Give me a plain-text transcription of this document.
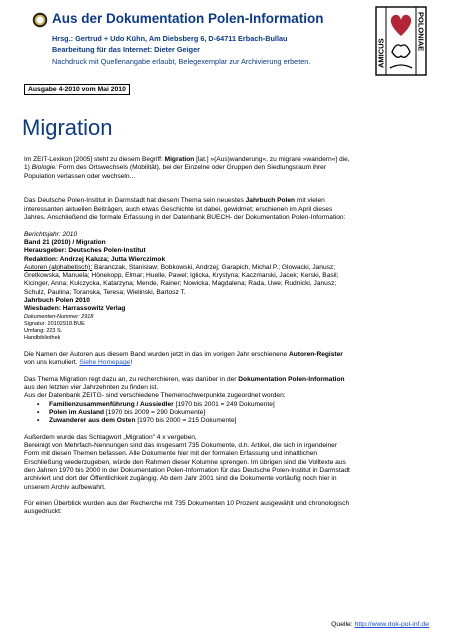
Aus der Dokumentation Polen-Information
Hrsg.: Gertrud + Udo Kühn, Am Diebsberg 6, D-64711 Erbach-Bullau
Bearbeitung für das Internet: Dieter Geiger
Nachdruck mit Quellenangabe erlaubt, Belegexemplar zur Archivierung erbeten.	AMICUS
POLONIAE
Ausgabe 4-2010 vom Mai 2010
Migration

Im ZEIT-Lexikon [2005] steht zu diesem Begriff: Migration [lat.] »(Aus)wanderung«, zu migrare »wandern«] die,
1) Biologie: Form des Ortswechsels (Mobilität), bei der Einzelne oder Gruppen den Siedlungsraum ihrer
Population verlassen oder wechseln...

Das Deutsche Polen-Institut in Darmstadt hat diesem Thema sein neuestes Jahrbuch Polen mit vielen
interessanten aktuellen Beiträgen, auch etwas Geschichte ist dabei, gewidmet; erschienen im April dieses
Jahres. Anschließend die formale Erfassung in der Datenbank BUECH- der Dokumentation Polen-Information:

Berichtsjahr: 2010

Band 21 (2010) / Migration

Herausgeber: Deutsches Polen-Institut

Redaktion: Andrzej Kaluza; Jutta Wierczimok

Autoren (alphabetisch): Baranczak, Stanislaw; Bobkowski, Andrzej; Garapich, Michal P.; Glowacki, Janusz;
Gretkowska, Manuela; Hönekopp, Elmar; Huelle, Pawel; Iglicka, Krystyna; Kaczmarski, Jacek; Kerski, Basil;
Kicinger, Anna; Kulczycka, Katarzyna; Mende, Rainer; Nowicka, Magdalena; Rada, Uwe; Rudnicki, Janusz;
Schulz, Paulina; Toranska, Teresa; Wielinski, Bartosz T.

Jahrbuch Polen 2010

Wiesbaden: Harrassowitz Verlag

Dokumenten-Nummer: 2918

Signatur: 20102918.BUE

Umfang: 223 S.

Handbibliothek

Die Namen der Autoren aus diesem Band wurden jetzt in das im vorigen Jahr erschienene Autoren-Register
von uns kumuliert. Siehe Homepage!

Das Thema Migration regt dazu an, zu recherchieren, was darüber in der Dokumentation Polen-Information
aus den letzten vier Jahrzehnten zu finden ist.
Aus der Datenbank ZEITG- sind verschiedene Themenschwerpunkte zugeordnet worden:

•	Familienzusammenführung / Aussiedler [1970 bis 2001 = 249 Dokumente]
•	Polen im Ausland [1970 bis 2009 = 290 Dokumente]
•	Zuwanderer aus dem Osten [1970 bis 2000 = 215 Dokumente]

Außerdem wurde das Schlagwort „Migration" 4 x vergeben,
Bereinigt von Mehrfach-Nennungen sind das insgesamt 735 Dokumente, d.h. Artikel, die sich in irgendeiner
Form mit diesen Themen befassen. Alle Dokumente hier mit der formalen Erfassung und inhaltlichen
Erschließung wiederzugeben, würde den Rahmen dieser Kolumne sprengen. Im übrigen sind die Volltexte aus
den Jahren 1970 bis 2000 in der Dokumentation Polen-Information für das Deutsche Polen-Institut in Darmstadt
archiviert und dort der Öffentlichkeit zugängig. Ab dem Jahr 2001 sind die Dokumente vorläufig noch hier in
unserem Archiv aufbewahrt.

Für einen Überblick wurden aus der Recherche mit 735 Dokumenten 10 Prozent ausgewählt und chronologisch
ausgedruckt:

Quelle: http://www.dok-pol-inf.de
